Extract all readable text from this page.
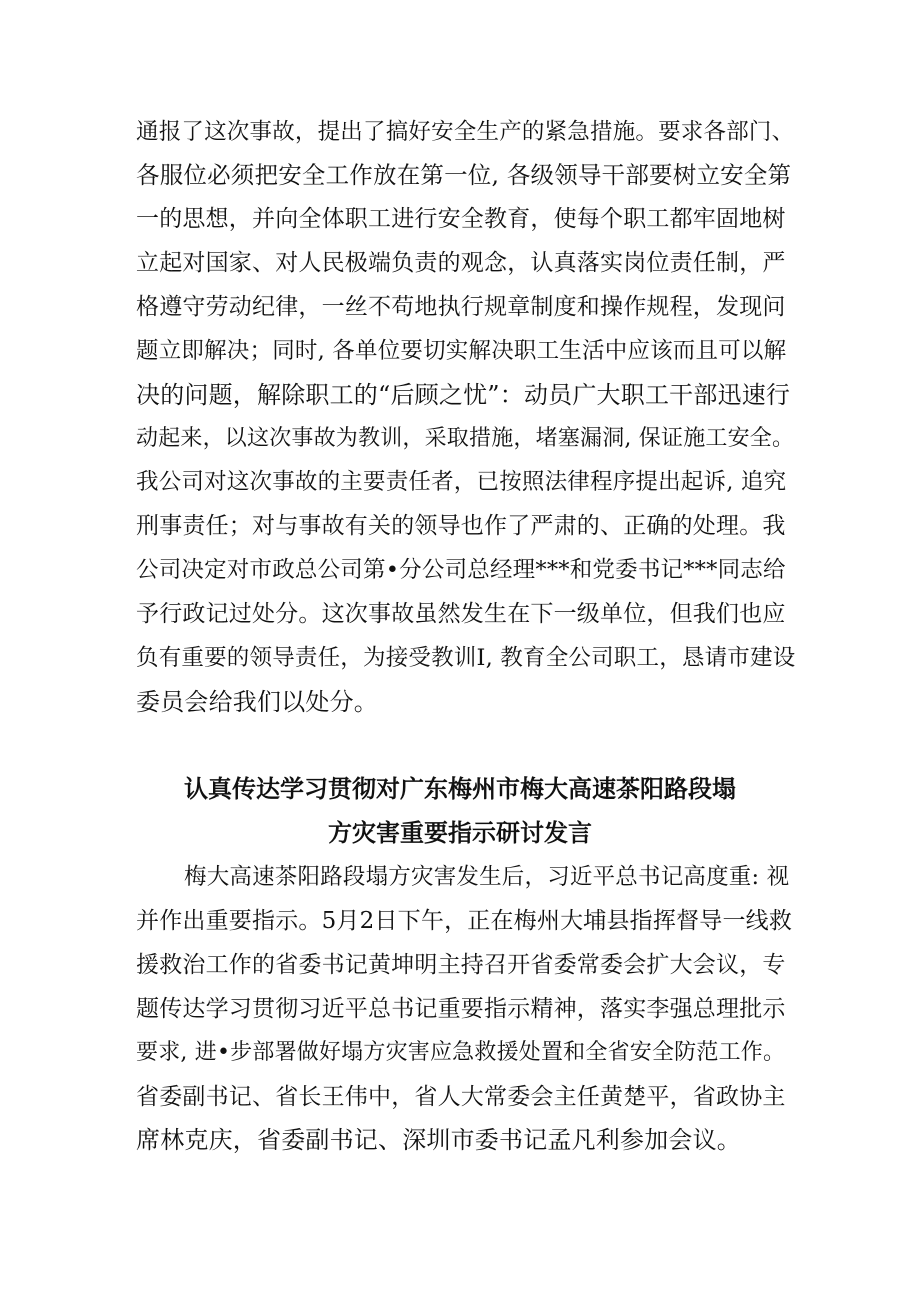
通报了这次事故，提出了搞好安全生产的紧急措施。要求各部门、
各服位必须把安全工作放在第一位, 各级领导干部要树立安全第
一的思想，并向全体职工进行安全教育，使每个职工都牢固地树
立起对国家、对人民极端负责的观念，认真落实岗位责任制，严
格遵守劳动纪律，一丝不苟地执行规章制度和操作规程，发现问
题立即解决；同时, 各单位要切实解决职工生活中应该而且可以解
决的问题，解除职工的“后顾之忧”：动员广大职工干部迅速行
动起来，以这次事故为教训，采取措施，堵塞漏洞, 保证施工安全。
我公司对这次事故的主要责任者，已按照法律程序提出起诉, 追究
刑事责任；对与事故有关的领导也作了严肃的、正确的处理。我
公司决定对市政总公司第•分公司总经理***和党委书记***同志给
予行政记过处分。这次事故虽然发生在下一级单位，但我们也应
负有重要的领导责任，为接受教训I, 教育全公司职工，恳请市建设
委员会给我们以处分。
认真传达学习贯彻对广东梅州市梅大高速茶阳路段塌
方灾害重要指示研讨发言
梅大高速茶阳路段塌方灾害发生后，习近平总书记高度重: 视
并作出重要指示。5月2日下午，正在梅州大埔县指挥督导一线救
援救治工作的省委书记黄坤明主持召开省委常委会扩大会议，专
题传达学习贯彻习近平总书记重要指示精神，落实李强总理批示
要求, 进•步部署做好塌方灾害应急救援处置和全省安全防范工作。
省委副书记、省长王伟中，省人大常委会主任黄楚平，省政协主
席林克庆，省委副书记、深圳市委书记孟凡利参加会议。
